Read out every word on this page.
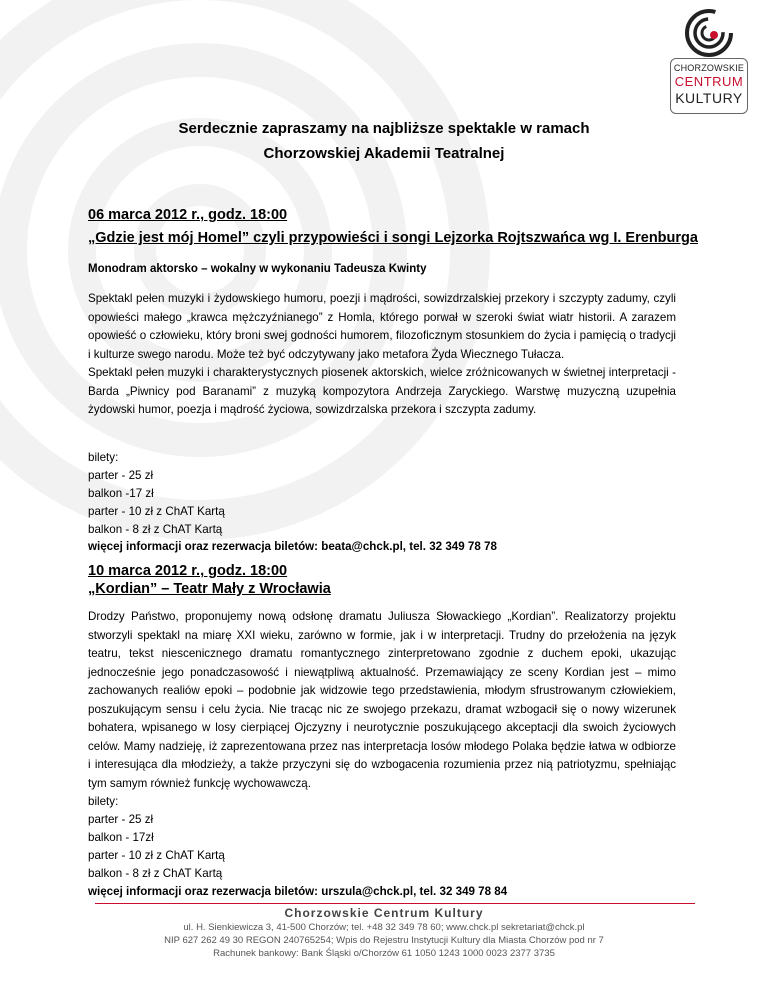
CHORZOWSKIE
CENTRUM
KULTURY
Serdecznie zapraszamy na najbliższe spektakle w ramach
Chorzowskiej Akademii Teatralnej
06 marca 2012 r., godz. 18:00
„Gdzie jest mój Homel” czyli przypowieści i songi Lejzorka Rojtszwańca wg I. Erenburga
Monodram aktorsko – wokalny w wykonaniu Tadeusza Kwinty
Spektakl pełen muzyki i żydowskiego humoru, poezji i mądrości, sowizdrzalskiej przekory i szczypty zadumy, czyli opowieści małego „krawca mężczyźnianego” z Homla, którego porwał w szeroki świat wiatr historii. A zarazem opowieść o człowieku, który broni swej godności humorem, filozoficznym stosunkiem do życia i pamięcią o tradycji i kulturze swego narodu. Może też być odczytywany jako metafora Żyda Wiecznego Tułacza.
Spektakl pełen muzyki i charakterystycznych piosenek aktorskich, wielce zróżnicowanych w świetnej interpretacji - Barda „Piwnicy pod Baranami” z muzyką kompozytora Andrzeja Zaryckiego. Warstwę muzyczną uzupełnia żydowski humor, poezja i mądrość życiowa, sowizdrzalska przekora i szczypta zadumy.
bilety:
parter - 25 zł
balkon -17 zł
parter - 10 zł z ChAT Kartą
balkon - 8 zł z ChAT Kartą
więcej informacji oraz rezerwacja biletów: beata@chck.pl, tel. 32 349 78 78
10 marca 2012 r., godz. 18:00
„Kordian” – Teatr Mały z Wrocławia
Drodzy Państwo, proponujemy nową odsłonę dramatu Juliusza Słowackiego „Kordian”. Realizatorzy projektu stworzyli spektakl na miarę XXI wieku, zarówno w formie, jak i w interpretacji. Trudny do przełożenia na język teatru, tekst niescenicznego dramatu romantycznego zinterpretowano zgodnie z duchem epoki, ukazując jednocześnie jego ponadczasowość i niewątpliwą aktualność. Przemawiający ze sceny Kordian jest – mimo zachowanych realiów epoki – podobnie jak widzowie tego przedstawienia, młodym sfrustrowanym człowiekiem, poszukującym sensu i celu życia. Nie tracąc nic ze swojego przekazu, dramat wzbogacił się o nowy wizerunek bohatera, wpisanego w losy cierpiącej Ojczyzny i neurotycznie poszukującego akceptacji dla swoich życiowych celów. Mamy nadzieję, iż zaprezentowana przez nas interpretacja losów młodego Polaka będzie łatwa w odbiorze i interesująca dla młodzieży, a także przyczyni się do wzbogacenia rozumienia przez nią patriotyzmu, spełniając tym samym również funkcję wychowawczą.
bilety:
parter - 25 zł
balkon - 17zł
parter - 10 zł z ChAT Kartą
balkon - 8 zł z ChAT Kartą
więcej informacji oraz rezerwacja biletów: urszula@chck.pl, tel. 32 349 78 84
Chorzowskie Centrum Kultury
ul. H. Sienkiewicza 3, 41-500 Chorzów; tel. +48 32 349 78 60; www.chck.pl sekretariat@chck.pl
NIP 627 262 49 30 REGON 240765254; Wpis do Rejestru Instytucji Kultury dla Miasta Chorzów pod nr 7
Rachunek bankowy: Bank Śląski o/Chorzów 61 1050 1243 1000 0023 2377 3735
